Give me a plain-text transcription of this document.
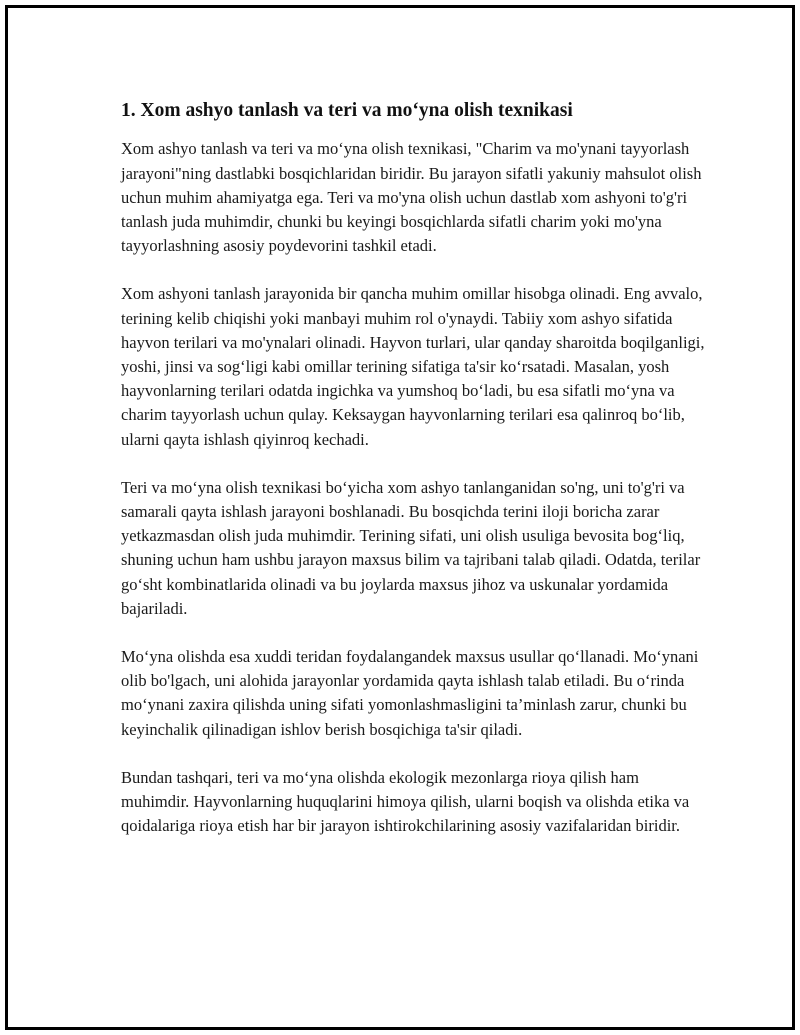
1. Xom ashyo tanlash va teri va mo‘yna olish texnikasi

Xom ashyo tanlash va teri va mo‘yna olish texnikasi, "Charim va mo'ynani tayyorlash jarayoni"ning dastlabki bosqichlaridan biridir. Bu jarayon sifatli yakuniy mahsulot olish uchun muhim ahamiyatga ega. Teri va mo'yna olish uchun dastlab xom ashyoni to'g'ri tanlash juda muhimdir, chunki bu keyingi bosqichlarda sifatli charim yoki mo'yna tayyorlashning asosiy poydevorini tashkil etadi.

Xom ashyoni tanlash jarayonida bir qancha muhim omillar hisobga olinadi. Eng avvalo, terining kelib chiqishi yoki manbayi muhim rol o'ynaydi. Tabiiy xom ashyo sifatida hayvon terilari va mo'ynalari olinadi. Hayvon turlari, ular qanday sharoitda boqilganligi, yoshi, jinsi va sog‘ligi kabi omillar terining sifatiga ta'sir ko‘rsatadi. Masalan, yosh hayvonlarning terilari odatda ingichka va yumshoq bo‘ladi, bu esa sifatli mo‘yna va charim tayyorlash uchun qulay. Keksaygan hayvonlarning terilari esa qalinroq bo‘lib, ularni qayta ishlash qiyinroq kechadi.

Teri va mo‘yna olish texnikasi bo‘yicha xom ashyo tanlanganidan so'ng, uni to'g'ri va samarali qayta ishlash jarayoni boshlanadi. Bu bosqichda terini iloji boricha zarar yetkazmasdan olish juda muhimdir. Terining sifati, uni olish usuliga bevosita bog‘liq, shuning uchun ham ushbu jarayon maxsus bilim va tajribani talab qiladi. Odatda, terilar go‘sht kombinatlarida olinadi va bu joylarda maxsus jihoz va uskunalar yordamida bajariladi.

Mo‘yna olishda esa xuddi teridan foydalangandek maxsus usullar qo‘llanadi. Mo‘ynani olib bo'lgach, uni alohida jarayonlar yordamida qayta ishlash talab etiladi. Bu o‘rinda mo‘ynani zaxira qilishda uning sifati yomonlashmasligini ta’minlash zarur, chunki bu keyinchalik qilinadigan ishlov berish bosqichiga ta'sir qiladi.

Bundan tashqari, teri va mo‘yna olishda ekologik mezonlarga rioya qilish ham muhimdir. Hayvonlarning huquqlarini himoya qilish, ularni boqish va olishda etika va qoidalariga rioya etish har bir jarayon ishtirokchilarining asosiy vazifalaridan biridir.
